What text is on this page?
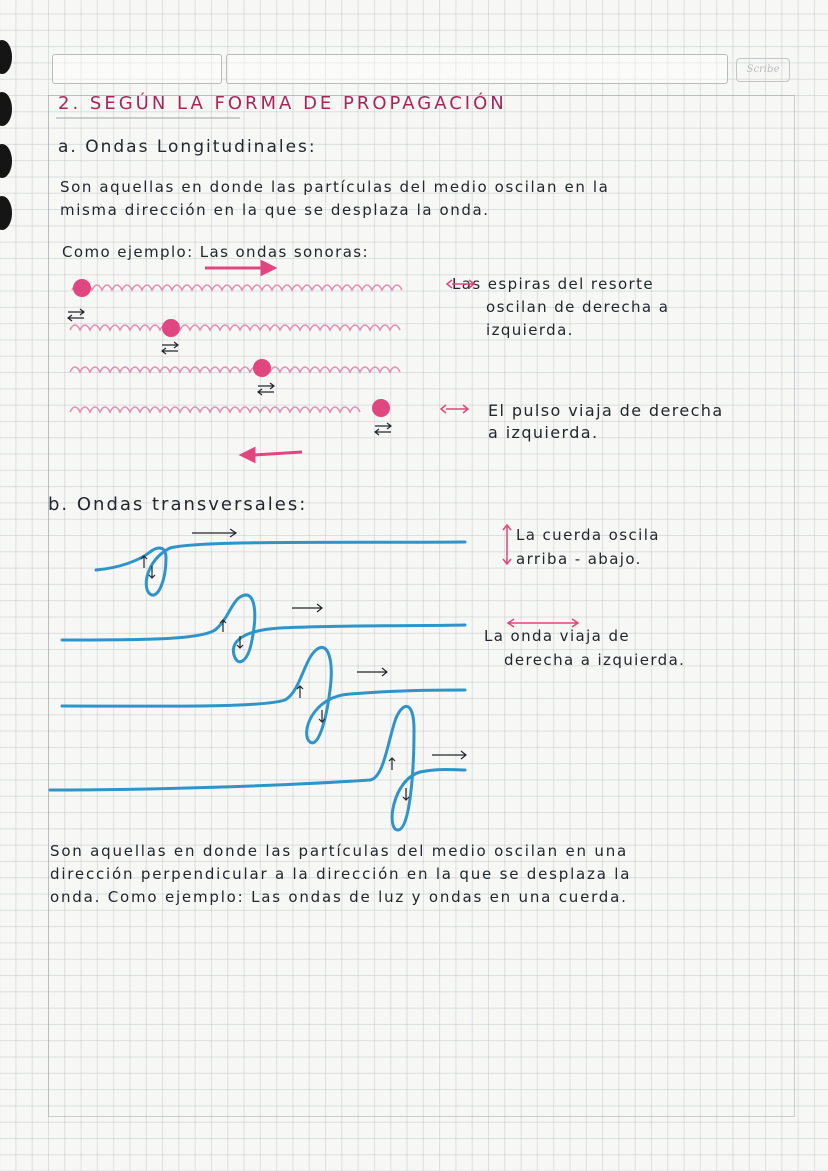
Scribe
2. SEGÚN LA FORMA DE PROPAGACIÓN
a. Ondas Longitudinales:
Son aquellas en donde las partículas del medio oscilan en la
misma dirección en la que se desplaza la onda.
Como ejemplo: Las ondas sonoras:
Las espiras del resorte
oscilan de derecha a
izquierda.
El pulso viaja de derecha
a izquierda.
b. Ondas transversales:
La cuerda oscila
arriba - abajo.
La onda viaja de
derecha a izquierda.
Son aquellas en donde las partículas del medio oscilan en una
dirección perpendicular a la dirección en la que se desplaza la
onda. Como ejemplo: Las ondas de luz y ondas en una cuerda.
